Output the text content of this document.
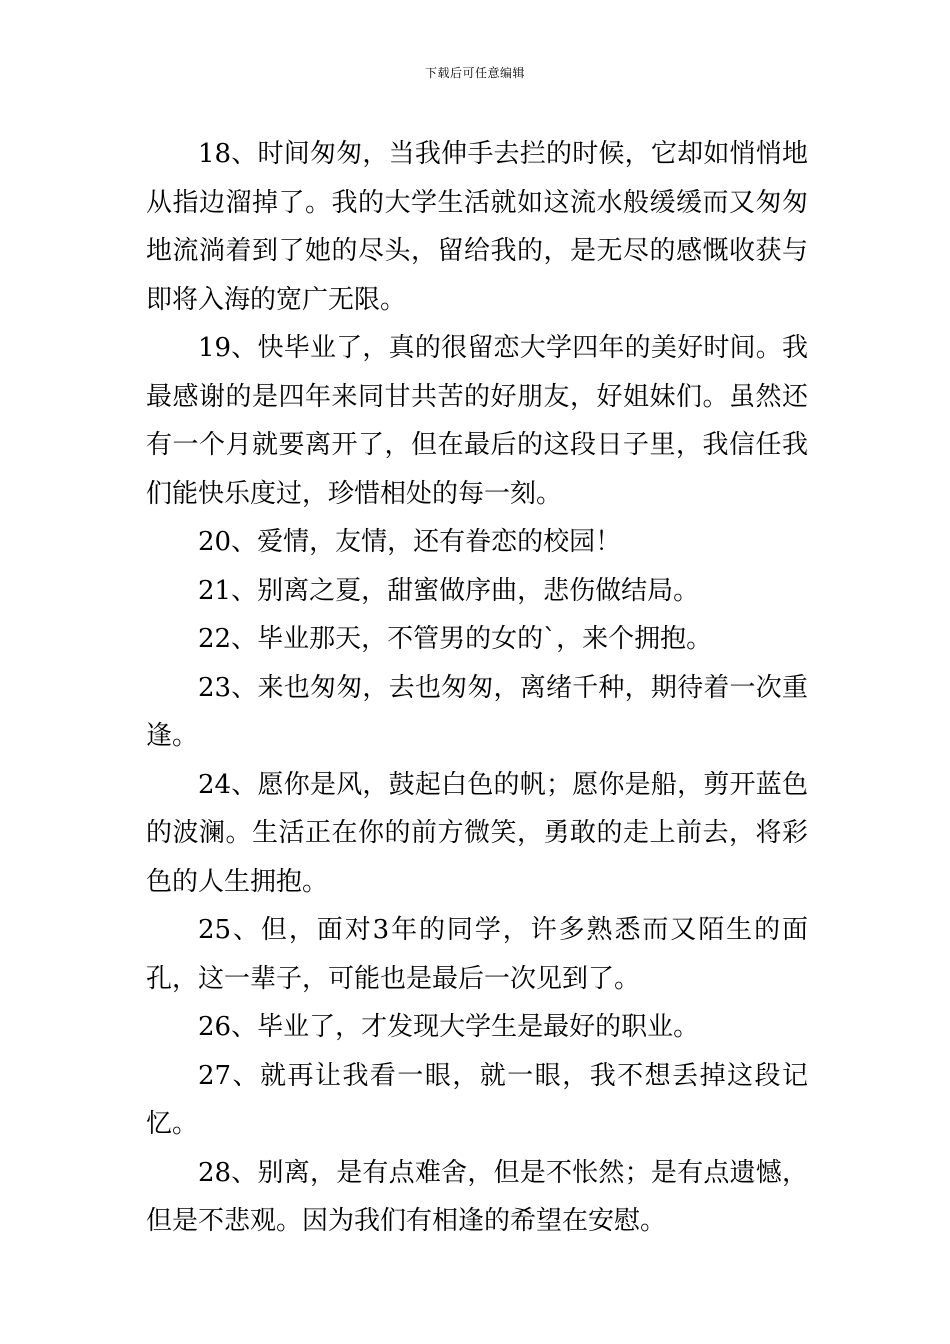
下载后可任意编辑

18、时间匆匆，当我伸手去拦的时候，它却如悄悄地从指边溜掉了。我的大学生活就如这流水般缓缓而又匆匆地流淌着到了她的尽头，留给我的，是无尽的感慨收获与即将入海的宽广无限。

19、快毕业了，真的很留恋大学四年的美好时间。我最感谢的是四年来同甘共苦的好朋友，好姐妹们。虽然还有一个月就要离开了，但在最后的这段日子里，我信任我们能快乐度过，珍惜相处的每一刻。

20、爱情，友情，还有眷恋的校园！

21、别离之夏，甜蜜做序曲，悲伤做结局。

22、毕业那天，不管男的女的`，来个拥抱。

23、来也匆匆，去也匆匆，离绪千种，期待着一次重逢。

24、愿你是风，鼓起白色的帆；愿你是船，剪开蓝色的波澜。生活正在你的前方微笑，勇敢的走上前去，将彩色的人生拥抱。

25、但，面对3年的同学，许多熟悉而又陌生的面孔，这一辈子，可能也是最后一次见到了。

26、毕业了，才发现大学生是最好的职业。

27、就再让我看一眼，就一眼，我不想丢掉这段记忆。

28、别离，是有点难舍，但是不怅然；是有点遗憾，但是不悲观。因为我们有相逢的希望在安慰。
